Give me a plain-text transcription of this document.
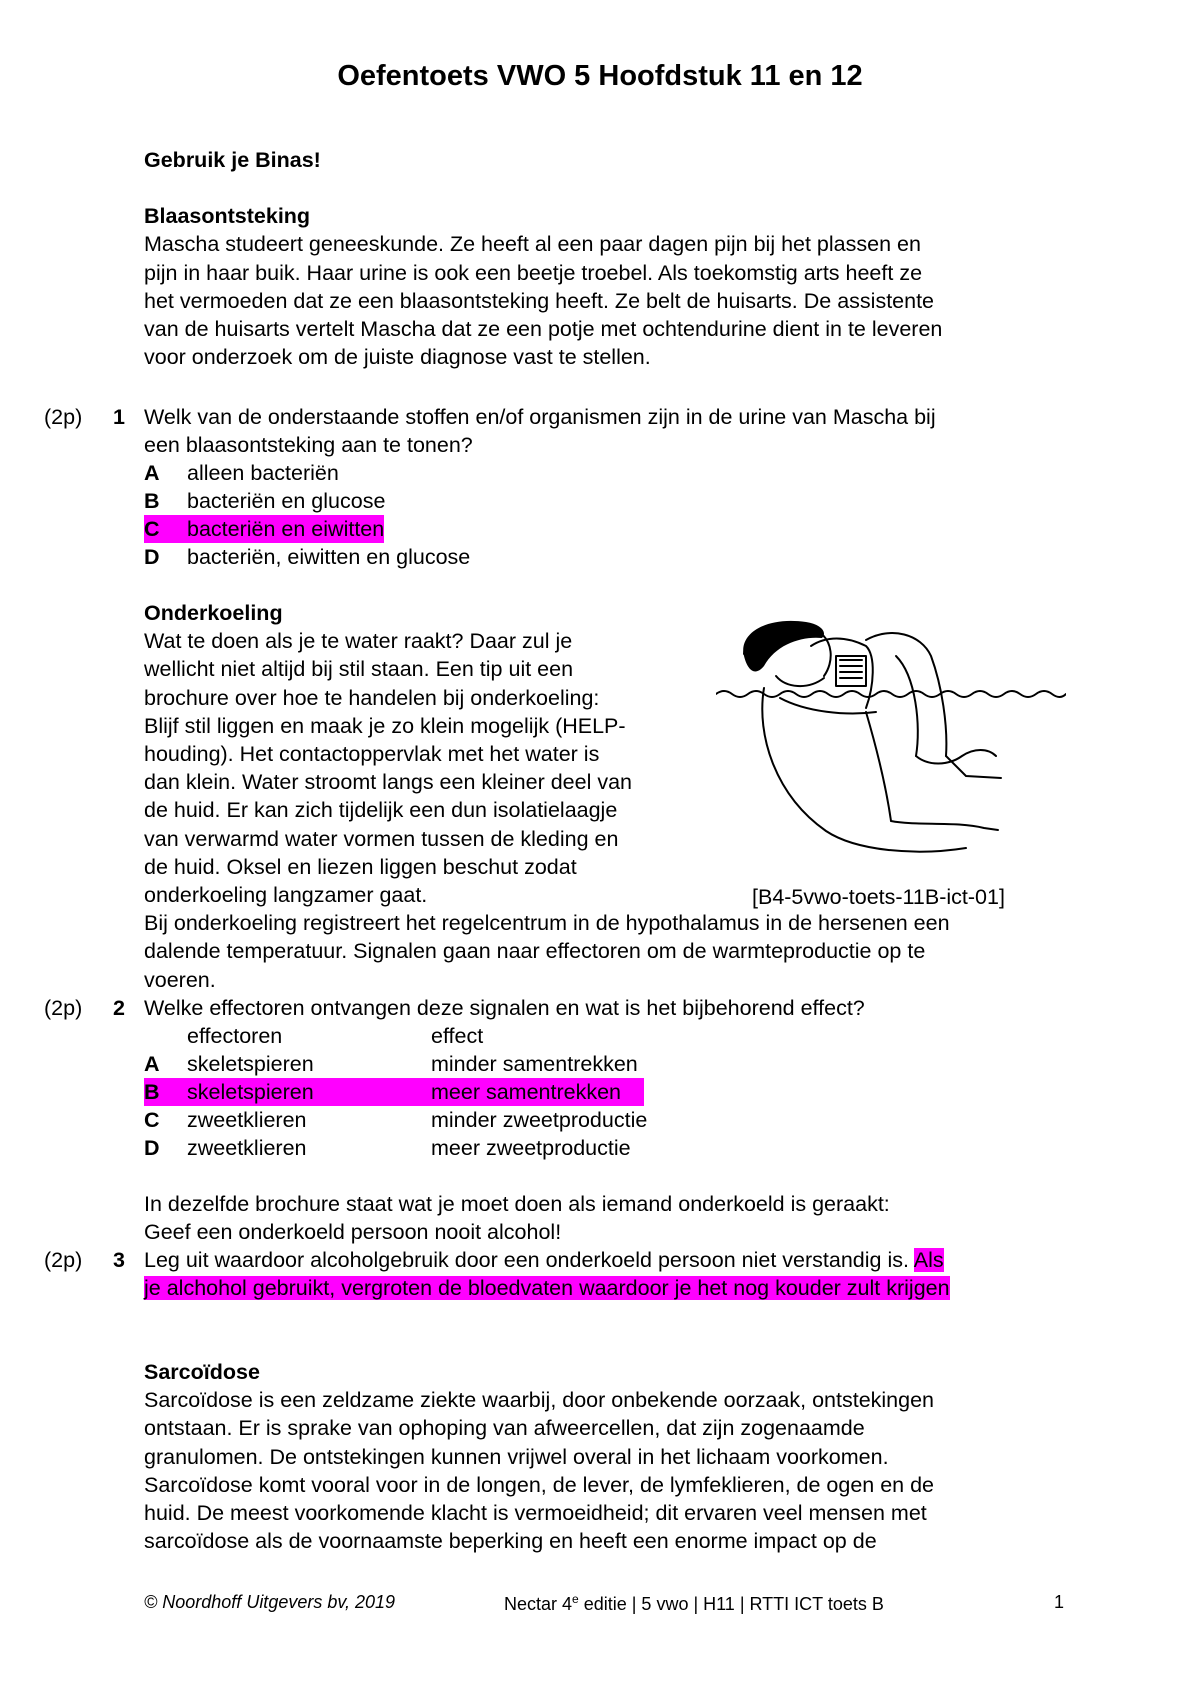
Oefentoets VWO 5 Hoofdstuk 11 en 12
Gebruik je Binas!
Blaasontsteking
Mascha studeert geneeskunde. Ze heeft al een paar dagen pijn bij het plassen en
pijn in haar buik. Haar urine is ook een beetje troebel. Als toekomstig arts heeft ze
het vermoeden dat ze een blaasontsteking heeft. Ze belt de huisarts. De assistente
van de huisarts vertelt Mascha dat ze een potje met ochtendurine dient in te leveren
voor onderzoek om de juiste diagnose vast te stellen.
(2p) 1 Welk van de onderstaande stoffen en/of organismen zijn in de urine van Mascha bij
een blaasontsteking aan te tonen?
A alleen bacteriën
B bacteriën en glucose
C bacteriën en eiwitten
D bacteriën, eiwitten en glucose
Onderkoeling
Wat te doen als je te water raakt? Daar zul je
wellicht niet altijd bij stil staan. Een tip uit een
brochure over hoe te handelen bij onderkoeling:
Blijf stil liggen en maak je zo klein mogelijk (HELP-
houding). Het contactoppervlak met het water is
dan klein. Water stroomt langs een kleiner deel van
de huid. Er kan zich tijdelijk een dun isolatielaagje
van verwarmd water vormen tussen de kleding en
de huid. Oksel en liezen liggen beschut zodat
onderkoeling langzamer gaat.
Bij onderkoeling registreert het regelcentrum in de hypothalamus in de hersenen een
dalende temperatuur. Signalen gaan naar effectoren om de warmteproductie op te
voeren.
[B4-5vwo-toets-11B-ict-01]
(2p) 2 Welke effectoren ontvangen deze signalen en wat is het bijbehorend effect?
effectoren	effect
A skeletspieren	minder samentrekken
B skeletspieren	meer samentrekken
C zweetklieren	minder zweetproductie
D zweetklieren	meer zweetproductie
In dezelfde brochure staat wat je moet doen als iemand onderkoeld is geraakt:
Geef een onderkoeld persoon nooit alcohol!
(2p) 3 Leg uit waardoor alcoholgebruik door een onderkoeld persoon niet verstandig is. Als
je alchohol gebruikt, vergroten de bloedvaten waardoor je het nog kouder zult krijgen
Sarcoïdose
Sarcoïdose is een zeldzame ziekte waarbij, door onbekende oorzaak, ontstekingen
ontstaan. Er is sprake van ophoping van afweercellen, dat zijn zogenaamde
granulomen. De ontstekingen kunnen vrijwel overal in het lichaam voorkomen.
Sarcoïdose komt vooral voor in de longen, de lever, de lymfeklieren, de ogen en de
huid. De meest voorkomende klacht is vermoeidheid; dit ervaren veel mensen met
sarcoïdose als de voornaamste beperking en heeft een enorme impact op de
© Noordhoff Uitgevers bv, 2019	Nectar 4e editie | 5 vwo | H11 | RTTI ICT toets B	1
